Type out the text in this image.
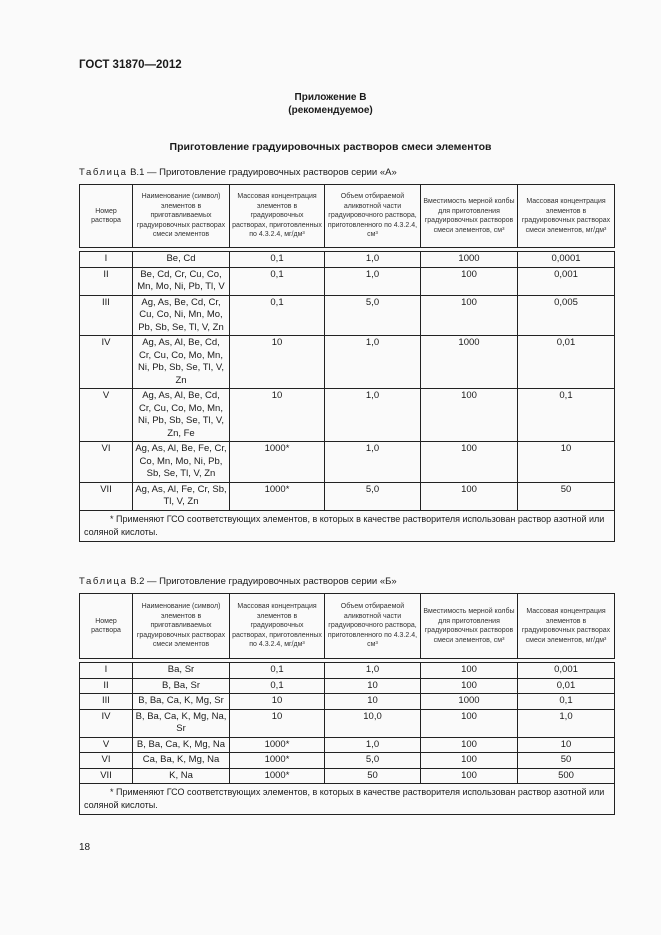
ГОСТ 31870—2012
Приложение В
(рекомендуемое)
Приготовление градуировочных растворов смеси элементов
Таблица В.1 — Приготовление градуировочных растворов серии «А»
Номер раствора	Наименование (символ) элементов в приготавливаемых градуировочных растворах смеси элементов	Массовая концентрация элементов в градуировочных растворах, приготовленных по 4.3.2.4, мг/дм³	Объем отбираемой аликвотной части градуировочного раствора, приготовленного по 4.3.2.4, см³	Вместимость мерной колбы для приготовления градуировочных растворов смеси элементов, см³	Массовая концентрация элементов в градуировочных растворах смеси элементов, мг/дм³

I	Be, Cd	0,1	1,0	1000	0,0001
II	Be, Cd, Cr, Cu, Co, Mn, Mo, Ni, Pb, Tl, V	0,1	1,0	100	0,001
III	Ag, As, Be, Cd, Cr, Cu, Co, Ni, Mn, Mo, Pb, Sb, Se, Tl, V, Zn	0,1	5,0	100	0,005
IV	Ag, As, Al, Be, Cd, Cr, Cu, Co, Mo, Mn, Ni, Pb, Sb, Se, Tl, V, Zn	10	1,0	1000	0,01
V	Ag, As, Al, Be, Cd, Cr, Cu, Co, Mo, Mn, Ni, Pb, Sb, Se, Tl, V, Zn, Fe	10	1,0	100	0,1
VI	Ag, As, Al, Be, Fe, Cr, Co, Mn, Mo, Ni, Pb, Sb, Se, Tl, V, Zn	1000*	1,0	100	10
VII	Ag, As, Al, Fe, Cr, Sb, Tl, V, Zn	1000*	5,0	100	50
* Применяют ГСО соответствующих элементов, в которых в качестве растворителя использован раствор азотной или соляной кислоты.					
Таблица В.2 — Приготовление градуировочных растворов серии «Б»
Номер раствора	Наименование (символ) элементов в приготавливаемых градуировочных растворах смеси элементов	Массовая концентрация элементов в градуировочных растворах, приготовленных по 4.3.2.4, мг/дм³	Объем отбираемой аликвотной части градуировочного раствора, приготовленного по 4.3.2.4, см³	Вместимость мерной колбы для приготовления градуировочных растворов смеси элементов, см³	Массовая концентрация элементов в градуировочных растворах смеси элементов, мг/дм³

I	Ba, Sr	0,1	1,0	100	0,001
II	B, Ba, Sr	0,1	10	100	0,01
III	B, Ba, Ca, K, Mg, Sr	10	10	1000	0,1
IV	B, Ba, Ca, K, Mg, Na, Sr	10	10,0	100	1,0
V	B, Ba, Ca, K, Mg, Na	1000*	1,0	100	10
VI	Ca, Ba, K, Mg, Na	1000*	5,0	100	50
VII	K, Na	1000*	50	100	500
* Применяют ГСО соответствующих элементов, в которых в качестве растворителя использован раствор азотной или соляной кислоты.					
18
